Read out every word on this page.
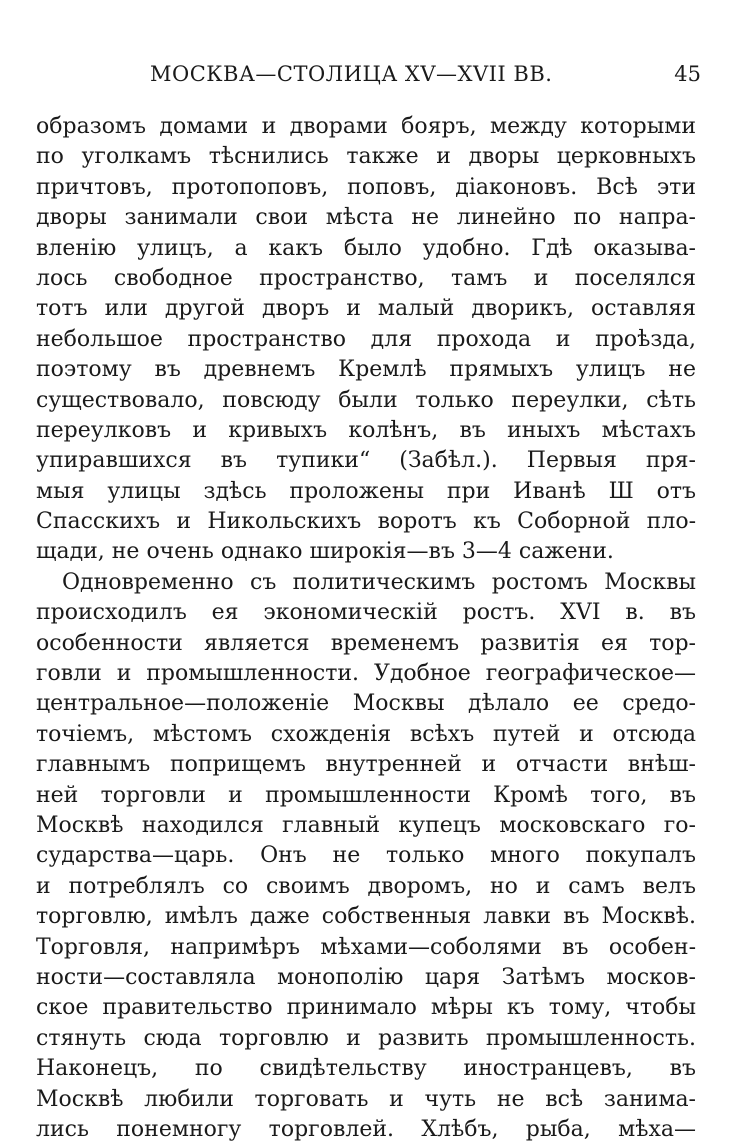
МОСКВА—СТОЛИЦА XV—XVII ВВ.	45
образомъ домами и дворами бояръ, между которыми
по уголкамъ тѣснились также и дворы церковныхъ
причтовъ, протопоповъ, поповъ, діаконовъ. Всѣ эти
дворы занимали свои мѣста не линейно по напра-
вленію улицъ, а какъ было удобно. Гдѣ оказыва-
лось свободное пространство, тамъ и поселялся
тотъ или другой дворъ и малый дворикъ, оставляя
небольшое пространство для прохода и проѣзда,
поэтому въ древнемъ Кремлѣ прямыхъ улицъ не
существовало, повсюду были только переулки, сѣть
переулковъ и кривыхъ колѣнъ, въ иныхъ мѣстахъ
упиравшихся въ тупики“ (Забѣл.). Первыя пря-
мыя улицы здѣсь проложены при Иванѣ Ш отъ
Спасскихъ и Никольскихъ воротъ къ Соборной пло-
щади, не очень однако широкія—въ 3—4 сажени.
Одновременно съ политическимъ ростомъ Москвы
происходилъ ея экономическій ростъ. XVI в. въ
особенности является временемъ развитія ея тор-
говли и промышленности. Удобное географическое—
центральное—положеніе Москвы дѣлало ее средо-
точіемъ, мѣстомъ схожденія всѣхъ путей и отсюда
главнымъ поприщемъ внутренней и отчасти внѣш-
ней торговли и промышленности Кромѣ того, въ
Москвѣ находился главный купецъ московскаго го-
сударства—царь. Онъ не только много покупалъ
и потреблялъ со своимъ дворомъ, но и самъ велъ
торговлю, имѣлъ даже собственныя лавки въ Москвѣ.
Торговля, напримѣръ мѣхами—соболями въ особен-
ности—составляла монополію царя Затѣмъ москов-
ское правительство принимало мѣры къ тому, чтобы
стянуть сюда торговлю и развить промышленность.
Наконецъ, по свидѣтельству иностранцевъ, въ
Москвѣ любили торговать и чуть не всѣ занима-
лись понемногу торговлей. Хлѣбъ, рыба, мѣха—
